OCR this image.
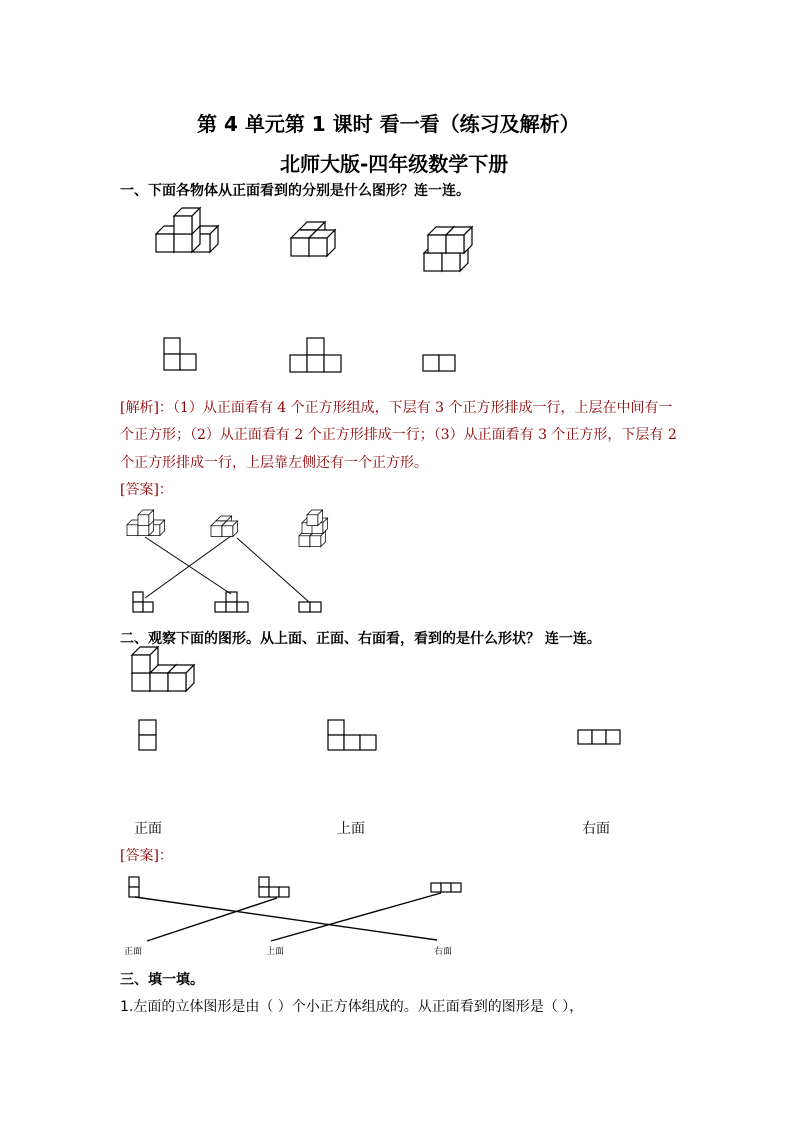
第 4 单元第 1 课时 看一看（练习及解析）
北师大版-四年级数学下册
一、下面各物体从正面看到的分别是什么图形？连一连。
[解析]：（1）从正面看有 4 个正方形组成，下层有 3 个正方形排成一行，上层在中间有一
个正方形；（2）从正面看有 2 个正方形排成一行；（3）从正面看有 3 个正方形，下层有 2
个正方形排成一行，上层靠左侧还有一个正方形。
[答案]：
二、观察下面的图形。从上面、正面、右面看，看到的是什么形状？ 连一连。
正面	上面	右面
[答案]：
正面	上面	右面
三、填一填。
1.左面的立体图形是由（ ）个小正方体组成的。从正面看到的图形是（ ），
